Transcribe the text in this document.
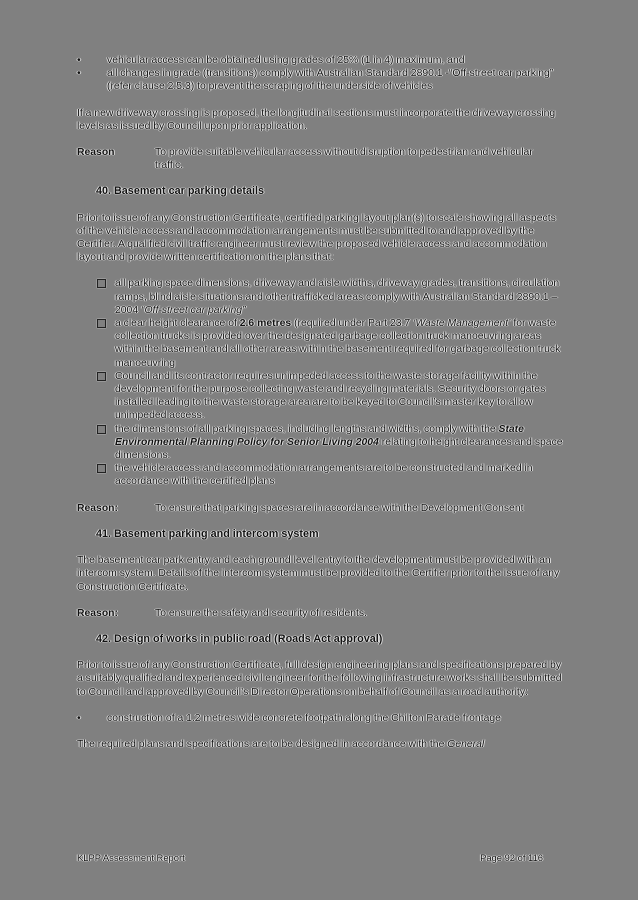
•	vehicular access can be obtained using grades of 25% (1 in 4) maximum, and
•	all changes in grade (transitions) comply with Australian Standard 2890.1 -“Off-street car parking” (refer clause 2.5.3) to prevent the scraping of the underside of vehicles
If a new driveway crossing is proposed, the longitudinal sections must incorporate the driveway crossing levels as issued by Council upon prior application.
Reason	To provide suitable vehicular access without disruption to pedestrian and vehicular traffic.
40. Basement car parking details
Prior to issue of any Construction Certificate, certified parking layout plan(s) to scale showing all aspects of the vehicle access and accommodation arrangements must be submitted to and approved by the Certifier. A qualified civil traffic engineer must review the proposed vehicle access and accommodation layout and provide written certification on the plans that:
all parking space dimensions, driveway and aisle widths, driveway grades, transitions, circulation ramps, blind aisle situations and other trafficked areas comply with Australian Standard 2890.1 – 2004 “Off-street car parking”
a clear height clearance of 2.6 metres (required under Part 23.7 ‘Waste Management’ for waste collection trucks is provided over the designated garbage collection truck manoeuvring areas within the basement and all other areas within the basement required for garbage collection truck manoeuvring
Council and its contractor requires unimpeded access to the waste storage facility within the development for the purpose collecting waste and recycling materials. Security doors or gates installed leading to the waste storage area are to be keyed to Council’s master key to allow unimpeded access.
the dimensions of all parking spaces, including lengths and widths, comply with the State Environmental Planning Policy for Senior Living 2004 relating to height clearances and space dimensions.
the vehicle access and accommodation arrangements are to be constructed and marked in accordance with the certified plans
Reason:	To ensure that parking spaces are in accordance with the Development Consent
41. Basement parking and intercom system
The basement car park entry and each ground level entry to the development must be provided with an intercom system. Details of the intercom system must be provided to the Certifier prior to the issue of any Construction Certificate.
Reason:	To ensure the safety and security of residents.
42. Design of works in public road (Roads Act approval)
Prior to issue of any Construction Certificate, full design engineering plans and specifications prepared by a suitably qualified and experienced civil engineer for the following infrastructure works shall be submitted to Council and approved by Council’s Director Operations on behalf of Council as a road authority:
•	construction of a 1.2 metres wide concrete footpath along the Chilton Parade frontage
The required plans and specifications are to be designed in accordance with the General
KLPP Assessment Report	Page 92 of 116
